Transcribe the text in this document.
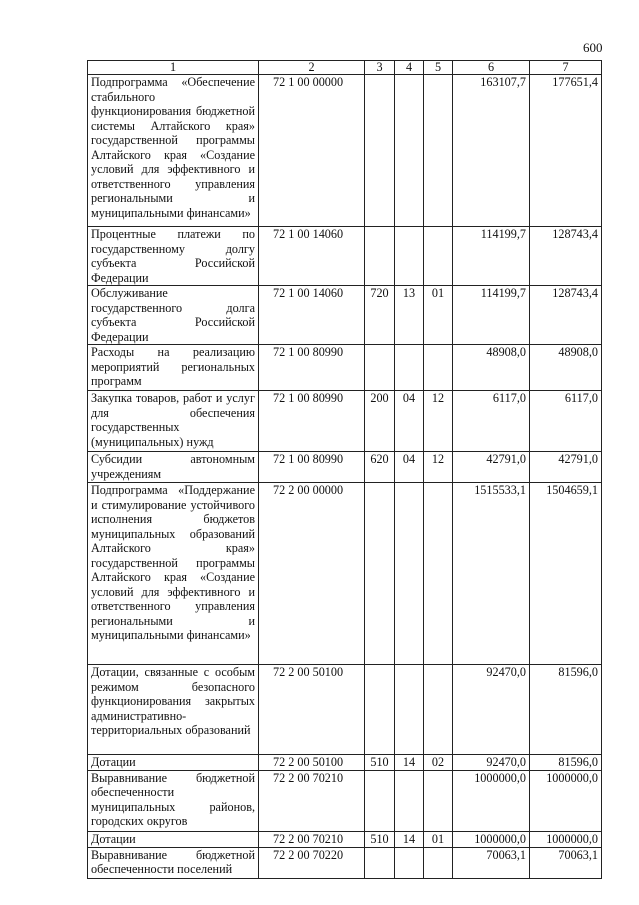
600
1	2	3	4	5	6	7
Подпрограмма «Обеспечение стабильного функционирования бюджетной системы Алтайского края» государственной программы Алтайского края «Создание условий для эффективного и ответственного управления региональными и муниципальными финансами»	72 1 00 00000				163107,7	177651,4
Процентные платежи по государственному долгу субъекта Российской Федерации	72 1 00 14060				114199,7	128743,4
Обслуживание государственного долга субъекта Российской Федерации	72 1 00 14060	720	13	01	114199,7	128743,4
Расходы на реализацию мероприятий региональных программ	72 1 00 80990				48908,0	48908,0
Закупка товаров, работ и услуг для обеспечения государственных (муниципальных) нужд	72 1 00 80990	200	04	12	6117,0	6117,0
Субсидии автономным учреждениям	72 1 00 80990	620	04	12	42791,0	42791,0
Подпрограмма «Поддержание и стимулирование устойчивого исполнения бюджетов муниципальных образований Алтайского края» государственной программы Алтайского края «Создание условий для эффективного и ответственного управления региональными и муниципальными финансами»	72 2 00 00000				1515533,1	1504659,1
Дотации, связанные с особым режимом безопасного функционирования закрытых административно-территориальных образований	72 2 00 50100				92470,0	81596,0
Дотации	72 2 00 50100	510	14	02	92470,0	81596,0
Выравнивание бюджетной обеспеченности муниципальных районов, городских округов	72 2 00 70210				1000000,0	1000000,0
Дотации	72 2 00 70210	510	14	01	1000000,0	1000000,0
Выравнивание бюджетной обеспеченности поселений	72 2 00 70220				70063,1	70063,1
